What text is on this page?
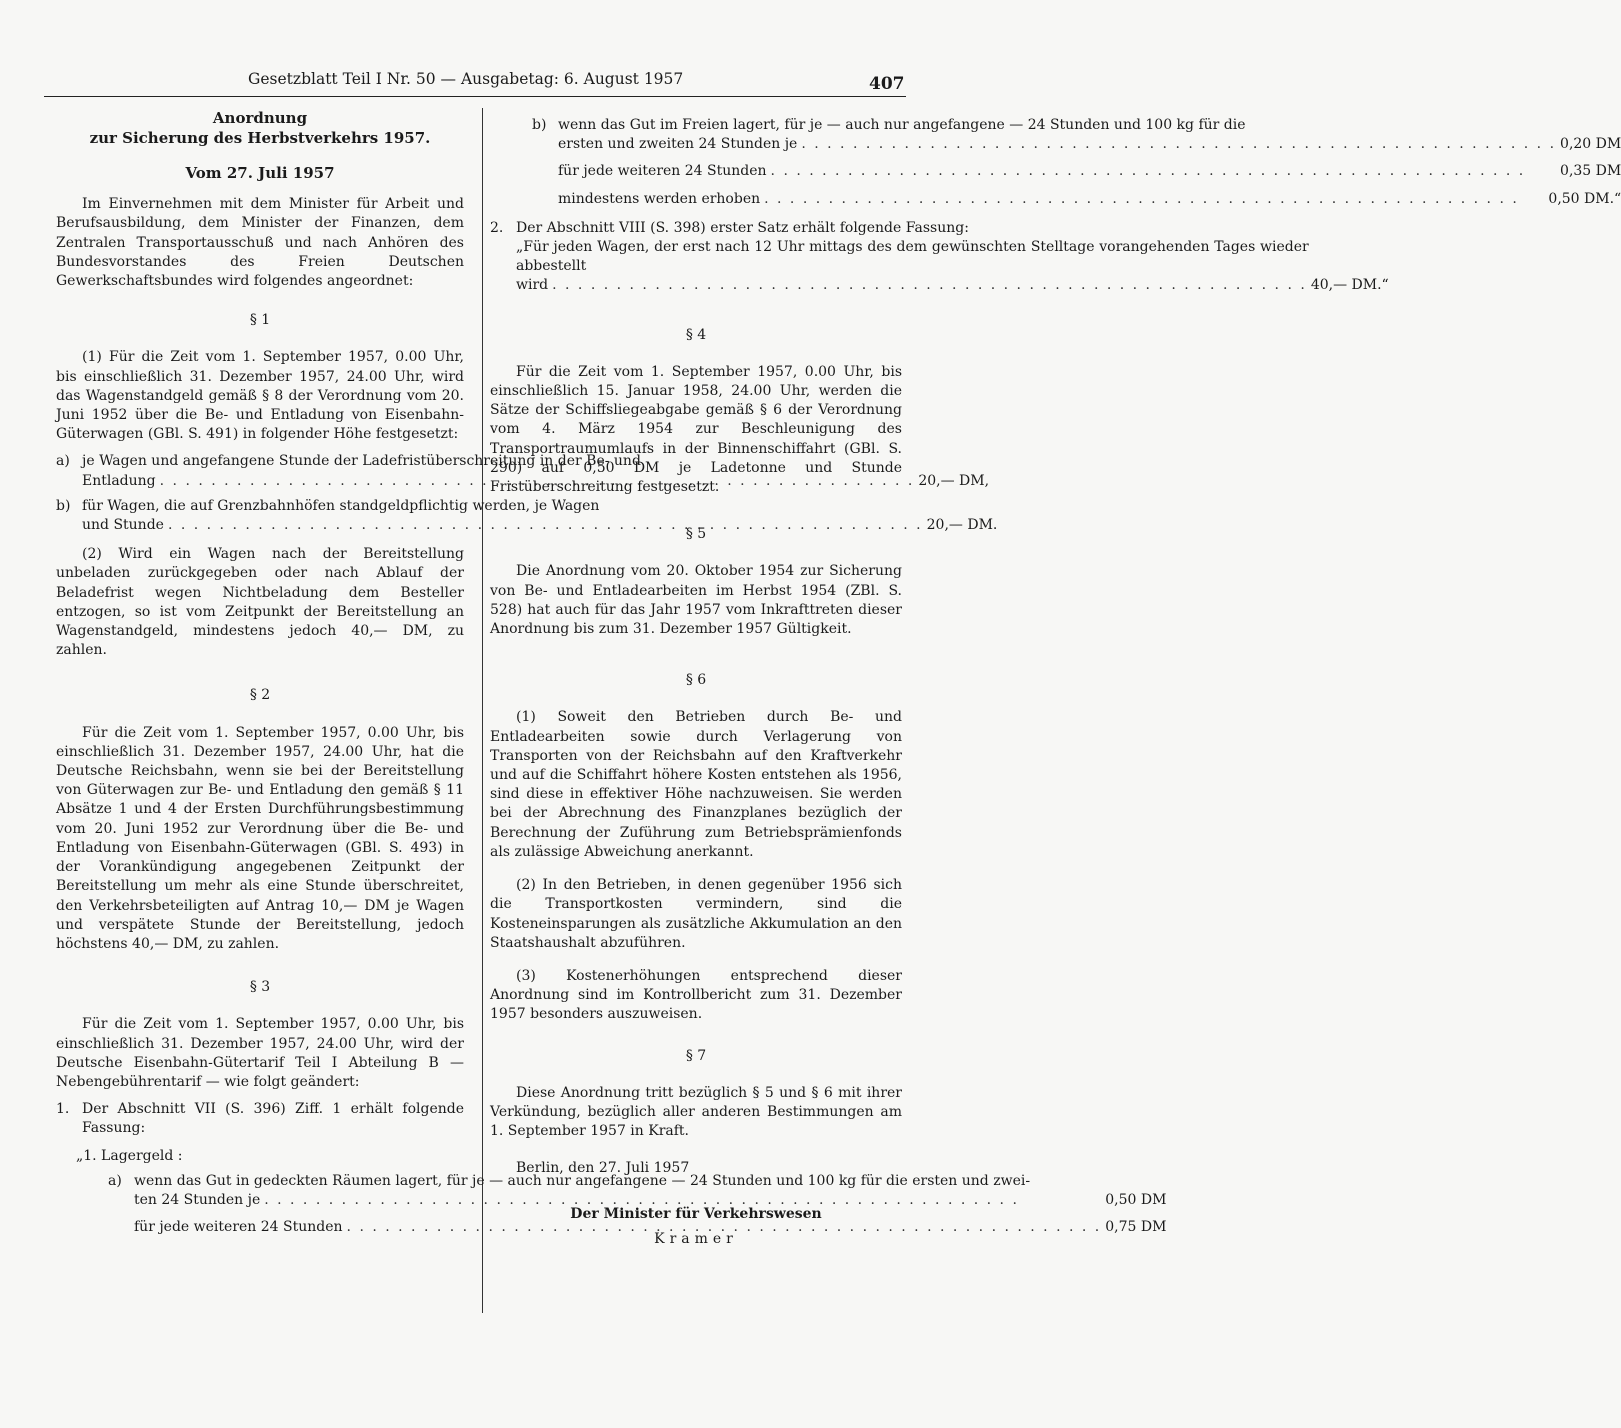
Gesetzblatt Teil I Nr. 50 — Ausgabetag: 6. August 1957	407
Anordnung
zur Sicherung des Herbstverkehrs 1957.
Vom 27. Juli 1957

Im Einvernehmen mit dem Minister für Arbeit und Berufsausbildung, dem Minister der Finanzen, dem Zentralen Transportausschuß und nach Anhören des Bundesvorstandes des Freien Deutschen Gewerkschaftsbundes wird folgendes angeordnet:

§ 1

(1) Für die Zeit vom 1. September 1957, 0.00 Uhr, bis einschließlich 31. Dezember 1957, 24.00 Uhr, wird das Wagenstandgeld gemäß § 8 der Verordnung vom 20. Juni 1952 über die Be- und Entladung von Eisenbahn-Güterwagen (GBl. S. 491) in folgender Höhe festgesetzt:

a) je Wagen und angefangene Stunde der Ladefristüberschreitung in der Be- und
Entladung . . .	20,— DM,
b) für Wagen, die auf Grenzbahnhöfen standgeldpflichtig werden, je Wagen
und Stunde . . .	20,— DM.

(2) Wird ein Wagen nach der Bereitstellung unbeladen zurückgegeben oder nach Ablauf der Beladefrist wegen Nichtbeladung dem Besteller entzogen, so ist vom Zeitpunkt der Bereitstellung an Wagenstandgeld, mindestens jedoch 40,— DM, zu zahlen.

§ 2

Für die Zeit vom 1. September 1957, 0.00 Uhr, bis einschließlich 31. Dezember 1957, 24.00 Uhr, hat die Deutsche Reichsbahn, wenn sie bei der Bereitstellung von Güterwagen zur Be- und Entladung den gemäß § 11 Absätze 1 und 4 der Ersten Durchführungsbestimmung vom 20. Juni 1952 zur Verordnung über die Be- und Entladung von Eisenbahn-Güterwagen (GBl. S. 493) in der Vorankündigung angegebenen Zeitpunkt der Bereitstellung um mehr als eine Stunde überschreitet, den Verkehrsbeteiligten auf Antrag 10,— DM je Wagen und verspätete Stunde der Bereitstellung, jedoch höchstens 40,— DM, zu zahlen.

§ 3

Für die Zeit vom 1. September 1957, 0.00 Uhr, bis einschließlich 31. Dezember 1957, 24.00 Uhr, wird der Deutsche Eisenbahn-Gütertarif Teil I Abteilung B — Nebengebührentarif — wie folgt geändert:

1. Der Abschnitt VII (S. 396) Ziff. 1 erhält folgende Fassung:
„1. Lagergeld :
a) wenn das Gut in gedeckten Räumen lagert, für je — auch nur angefangene — 24 Stunden und 100 kg für die ersten und zwei-
ten 24 Stunden je . . .	0,50 DM
für jede weiteren 24 Stunden . . .	0,75 DM
b) wenn das Gut im Freien lagert, für je — auch nur angefangene — 24 Stunden und 100 kg für die
ersten und zweiten 24 Stunden je . . .	0,20 DM
für jede weiteren 24 Stunden . . .	0,35 DM
mindestens werden erhoben . . .	0,50 DM.“
2. Der Abschnitt VIII (S. 398) erster Satz erhält folgende Fassung:
„Für jeden Wagen, der erst nach 12 Uhr mittags des dem gewünschten Stelltage vorangehenden Tages wieder abbestellt
wird . . .	40,— DM.“
§ 4

Für die Zeit vom 1. September 1957, 0.00 Uhr, bis einschließlich 15. Januar 1958, 24.00 Uhr, werden die Sätze der Schiffsliegeabgabe gemäß § 6 der Verordnung vom 4. März 1954 zur Beschleunigung des Transportraumumlaufs in der Binnenschiffahrt (GBl. S. 290) auf 0,50 DM je Ladetonne und Stunde Fristüberschreitung festgesetzt.

§ 5

Die Anordnung vom 20. Oktober 1954 zur Sicherung von Be- und Entladearbeiten im Herbst 1954 (ZBl. S. 528) hat auch für das Jahr 1957 vom Inkrafttreten dieser Anordnung bis zum 31. Dezember 1957 Gültigkeit.

§ 6

(1) Soweit den Betrieben durch Be- und Entladearbeiten sowie durch Verlagerung von Transporten von der Reichsbahn auf den Kraftverkehr und auf die Schiffahrt höhere Kosten entstehen als 1956, sind diese in effektiver Höhe nachzuweisen. Sie werden bei der Abrechnung des Finanzplanes bezüglich der Berechnung der Zuführung zum Betriebsprämienfonds als zulässige Abweichung anerkannt.

(2) In den Betrieben, in denen gegenüber 1956 sich die Transportkosten vermindern, sind die Kosteneinsparungen als zusätzliche Akkumulation an den Staatshaushalt abzuführen.

(3) Kostenerhöhungen entsprechend dieser Anordnung sind im Kontrollbericht zum 31. Dezember 1957 besonders auszuweisen.

§ 7

Diese Anordnung tritt bezüglich § 5 und § 6 mit ihrer Verkündung, bezüglich aller anderen Bestimmungen am 1. September 1957 in Kraft.

Berlin, den 27. Juli 1957

Der Minister für Verkehrswesen
Kramer
